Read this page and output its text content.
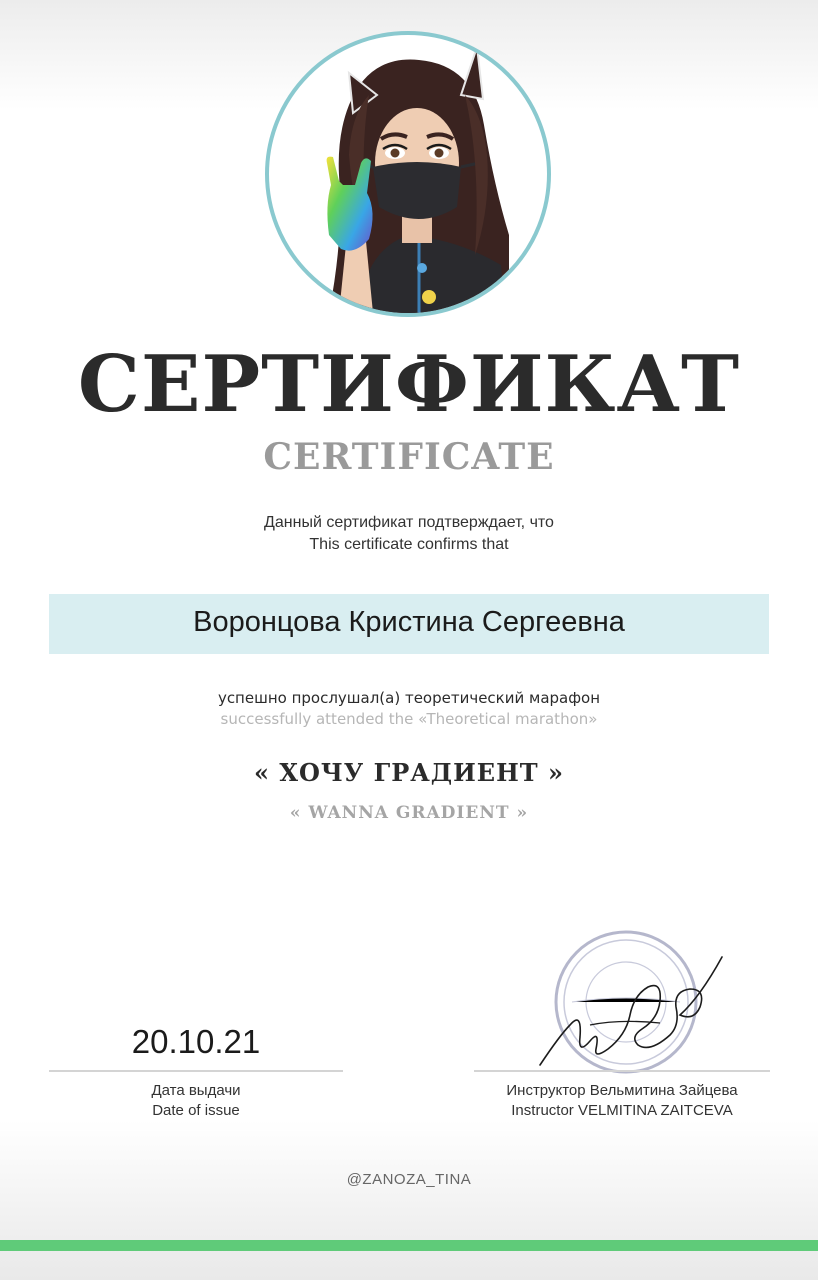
СЕРТИФИКАТ
CERTIFICATE
Данный сертификат подтверждает, что
This certificate confirms that
Воронцова Кристина Сергеевна
успешно прослушал(а) теоретический марафон
successfully attended the «Theoretical marathon»
« ХОЧУ ГРАДИЕНТ »
« WANNA GRADIENT »
20.10.21
Дата выдачи
Date of issue
Инструктор Вельмитина Зайцева
Instructor VELMITINA ZAITCEVA
@ZANOZA_TINA
